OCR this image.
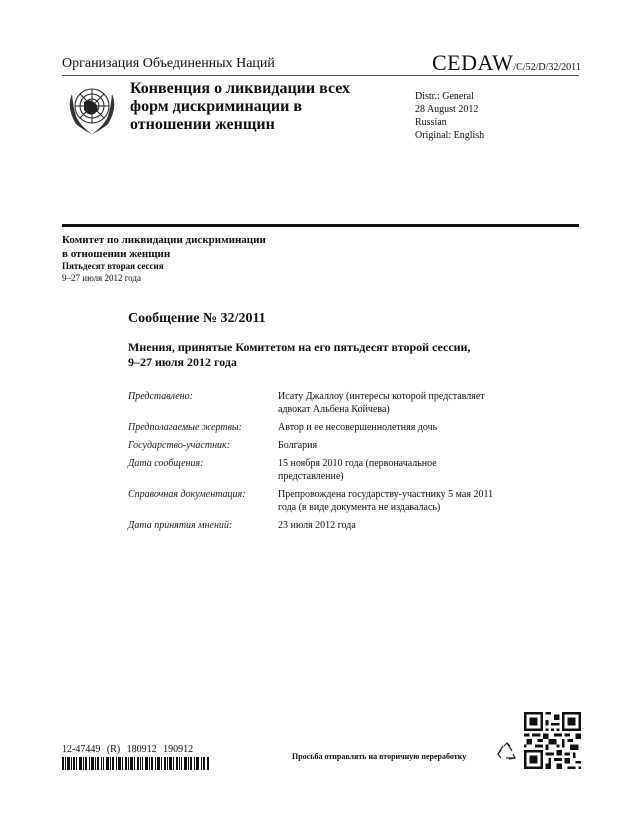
Организация Объединенных Наций	CEDAW/C/52/D/32/2011
Конвенция о ликвидации всех
форм дискриминации в
отношении женщин
Distr.: General
28 August 2012
Russian
Original: English
Комитет по ликвидации дискриминации
в отношении женщин
Пятьдесят вторая сессия
9–27 июля 2012 года
Сообщение № 32/2011
Мнения, принятые Комитетом на его пятьдесят второй сессии,
9–27 июля 2012 года
Представлено:	Исату Джаллоу (интересы которой представляет адвокат Альбена Койчева)
Предполагаемые жертвы:	Автор и ее несовершеннолетняя дочь
Государство-участник:	Болгария
Дата сообщения:	15 ноября 2010 года (первоначальное представление)
Справочная документация:	Препровождена государству-участнику 5 мая 2011 года (в виде документа не издавалась)
Дата принятия мнений:	23 июля 2012 года
12-47449 (R) 180912 190912
Просьба отправлять на вторичную переработку
